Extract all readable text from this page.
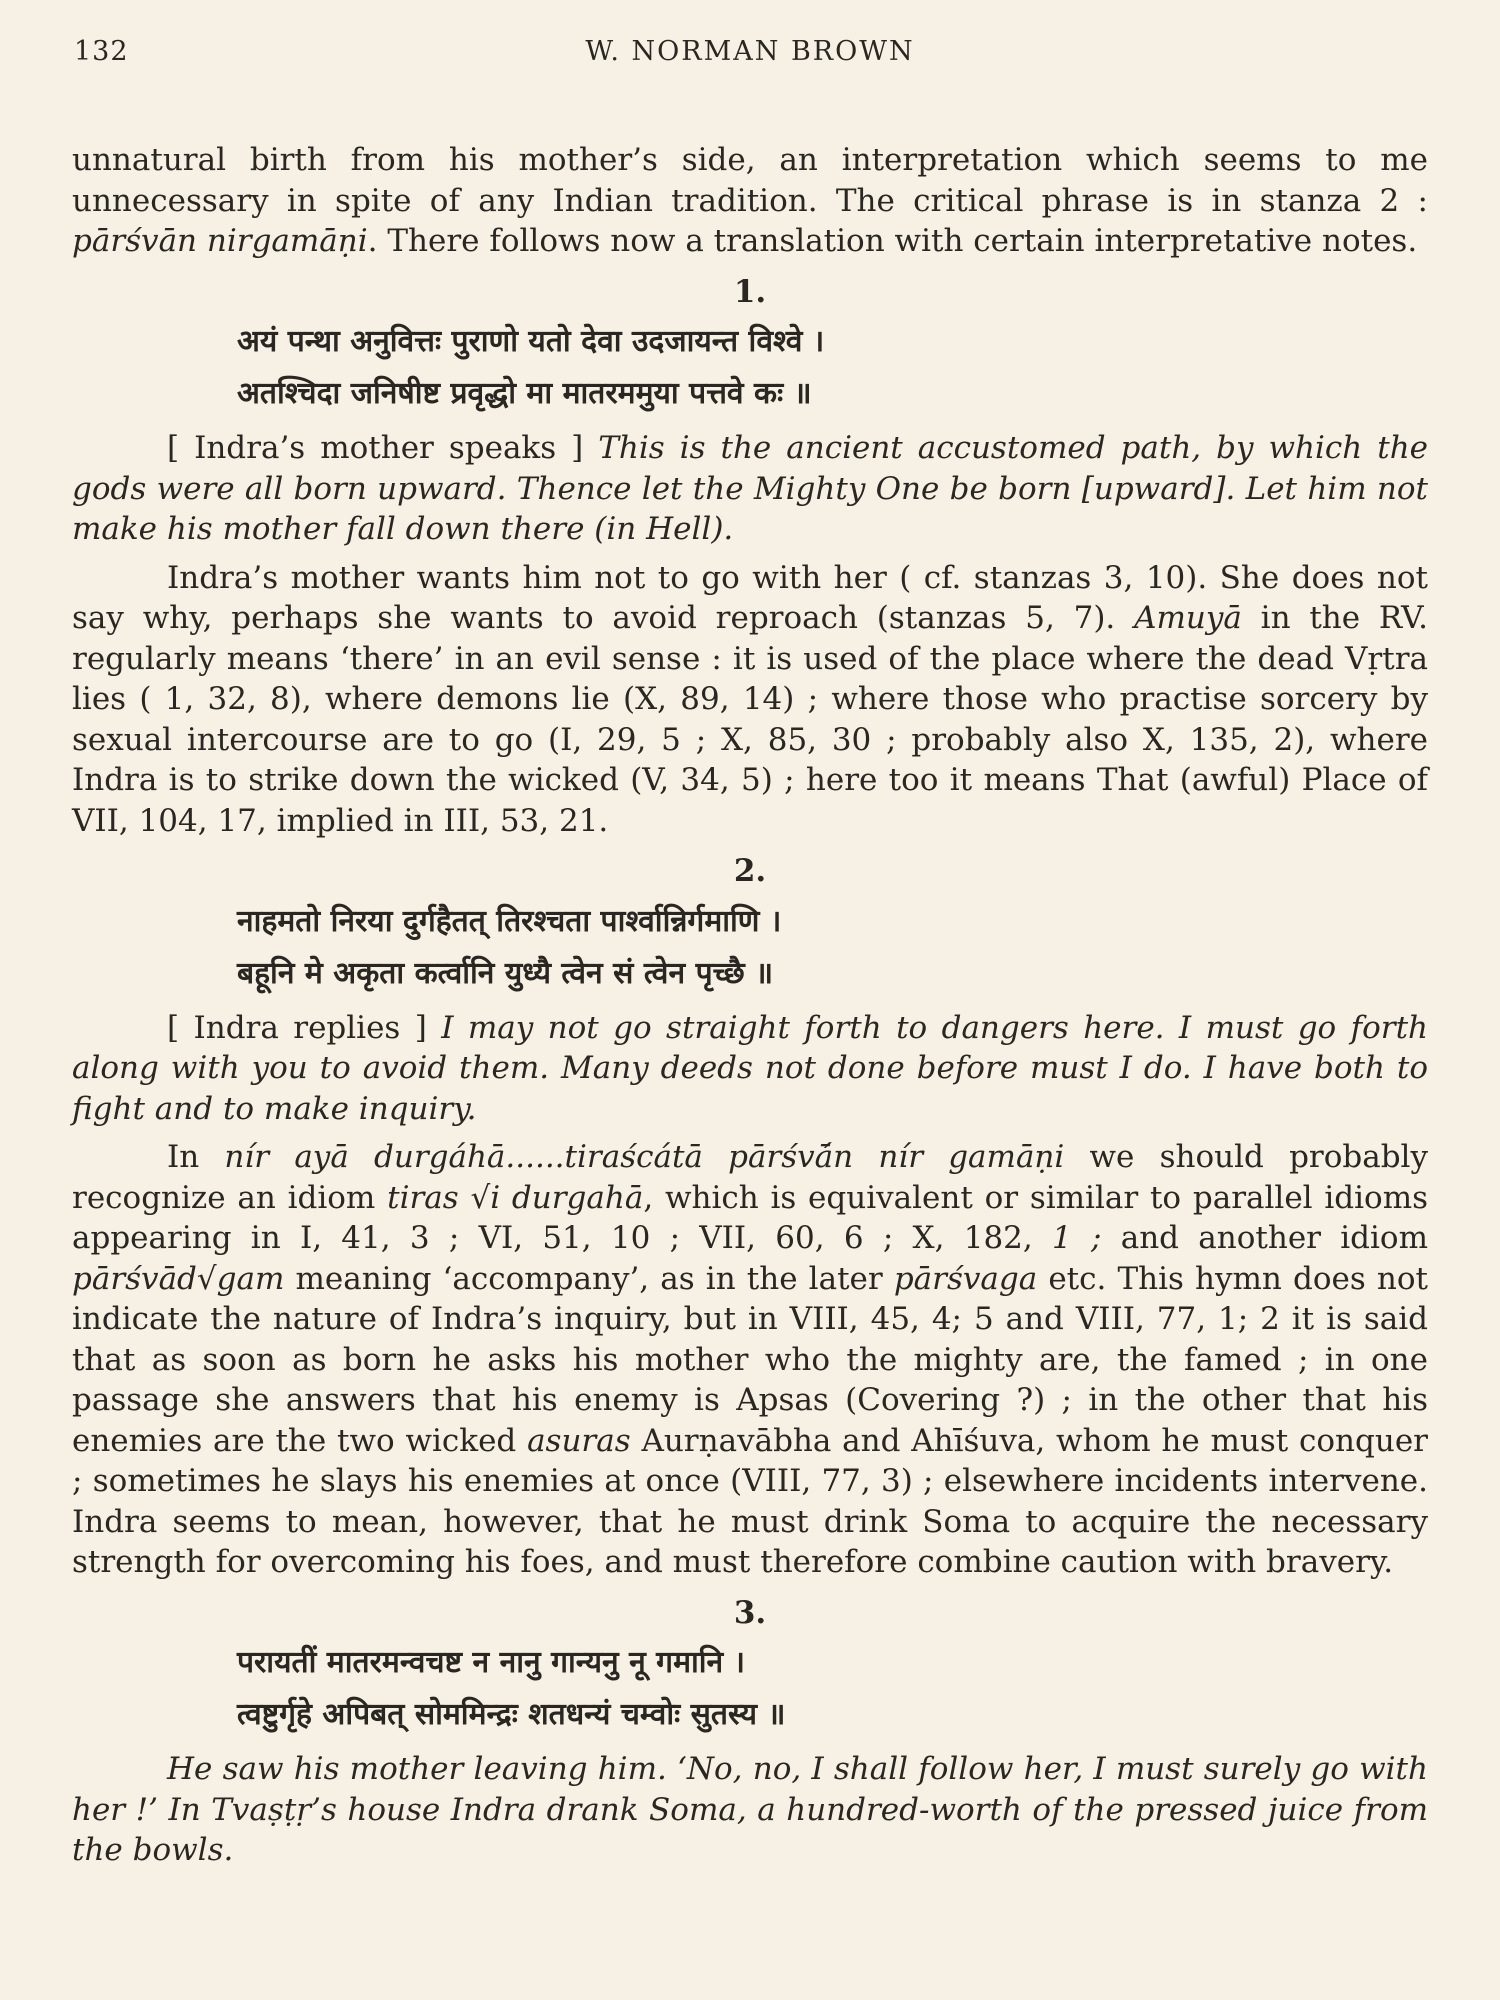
132	W. NORMAN BROWN

unnatural birth from his mother’s side, an interpretation which seems to me unnecessary in spite of any Indian tradition. The critical phrase is in stanza 2 : pārśvān nirgamāṇi. There follows now a translation with certain interpretative notes.

1.
अयं पन्था अनुवित्तः पुराणो यतो देवा उदजायन्त विश्वे ।
अतश्चिदा जनिषीष्ट प्रवृद्धो मा मातरममुया पत्तवे कः ॥

[ Indra’s mother speaks ] This is the ancient accustomed path, by which the gods were all born upward. Thence let the Mighty One be born [upward]. Let him not make his mother fall down there (in Hell).

Indra’s mother wants him not to go with her ( cf. stanzas 3, 10). She does not say why, perhaps she wants to avoid reproach (stanzas 5, 7). Amuyā in the RV. regularly means ‘there’ in an evil sense : it is used of the place where the dead Vṛtra lies ( 1, 32, 8), where demons lie (X, 89, 14) ; where those who practise sorcery by sexual intercourse are to go (I, 29, 5 ; X, 85, 30 ; probably also X, 135, 2), where Indra is to strike down the wicked (V, 34, 5) ; here too it means That (awful) Place of VII, 104, 17, implied in III, 53, 21.

2.
नाहमतो निरया दुर्गहैतत् तिरश्चता पार्श्वान्निर्गमाणि ।
बहूनि मे अकृता कर्त्वानि युध्यै त्वेन सं त्वेन पृच्छै ॥

[ Indra replies ] I may not go straight forth to dangers here. I must go forth along with you to avoid them. Many deeds not done before must I do. I have both to fight and to make inquiry.

In nír ayā durgáhā......tiraścátā pārśvā́n nír gamāṇi we should probably recognize an idiom tiras √i durgahā, which is equivalent or similar to parallel idioms appearing in I, 41, 3 ; VI, 51, 10 ; VII, 60, 6 ; X, 182, 1 ; and another idiom pārśvād√gam meaning ‘accompany’, as in the later pārśvaga etc. This hymn does not indicate the nature of Indra’s inquiry, but in VIII, 45, 4; 5 and VIII, 77, 1; 2 it is said that as soon as born he asks his mother who the mighty are, the famed ; in one passage she answers that his enemy is Apsas (Covering ?) ; in the other that his enemies are the two wicked asuras Aurṇavābha and Ahīśuva, whom he must conquer ; sometimes he slays his enemies at once (VIII, 77, 3) ; elsewhere incidents intervene. Indra seems to mean, however, that he must drink Soma to acquire the necessary strength for overcoming his foes, and must therefore combine caution with bravery.

3.
परायतीं मातरमन्वचष्ट न नानु गान्यनु नू गमानि ।
त्वष्टुर्गृहे अपिबत् सोममिन्द्रः शतधन्यं चम्वोः सुतस्य ॥

He saw his mother leaving him. ‘No, no, I shall follow her, I must surely go with her !’ In Tvaṣṭṛ’s house Indra drank Soma, a hundred-worth of the pressed juice from the bowls.
